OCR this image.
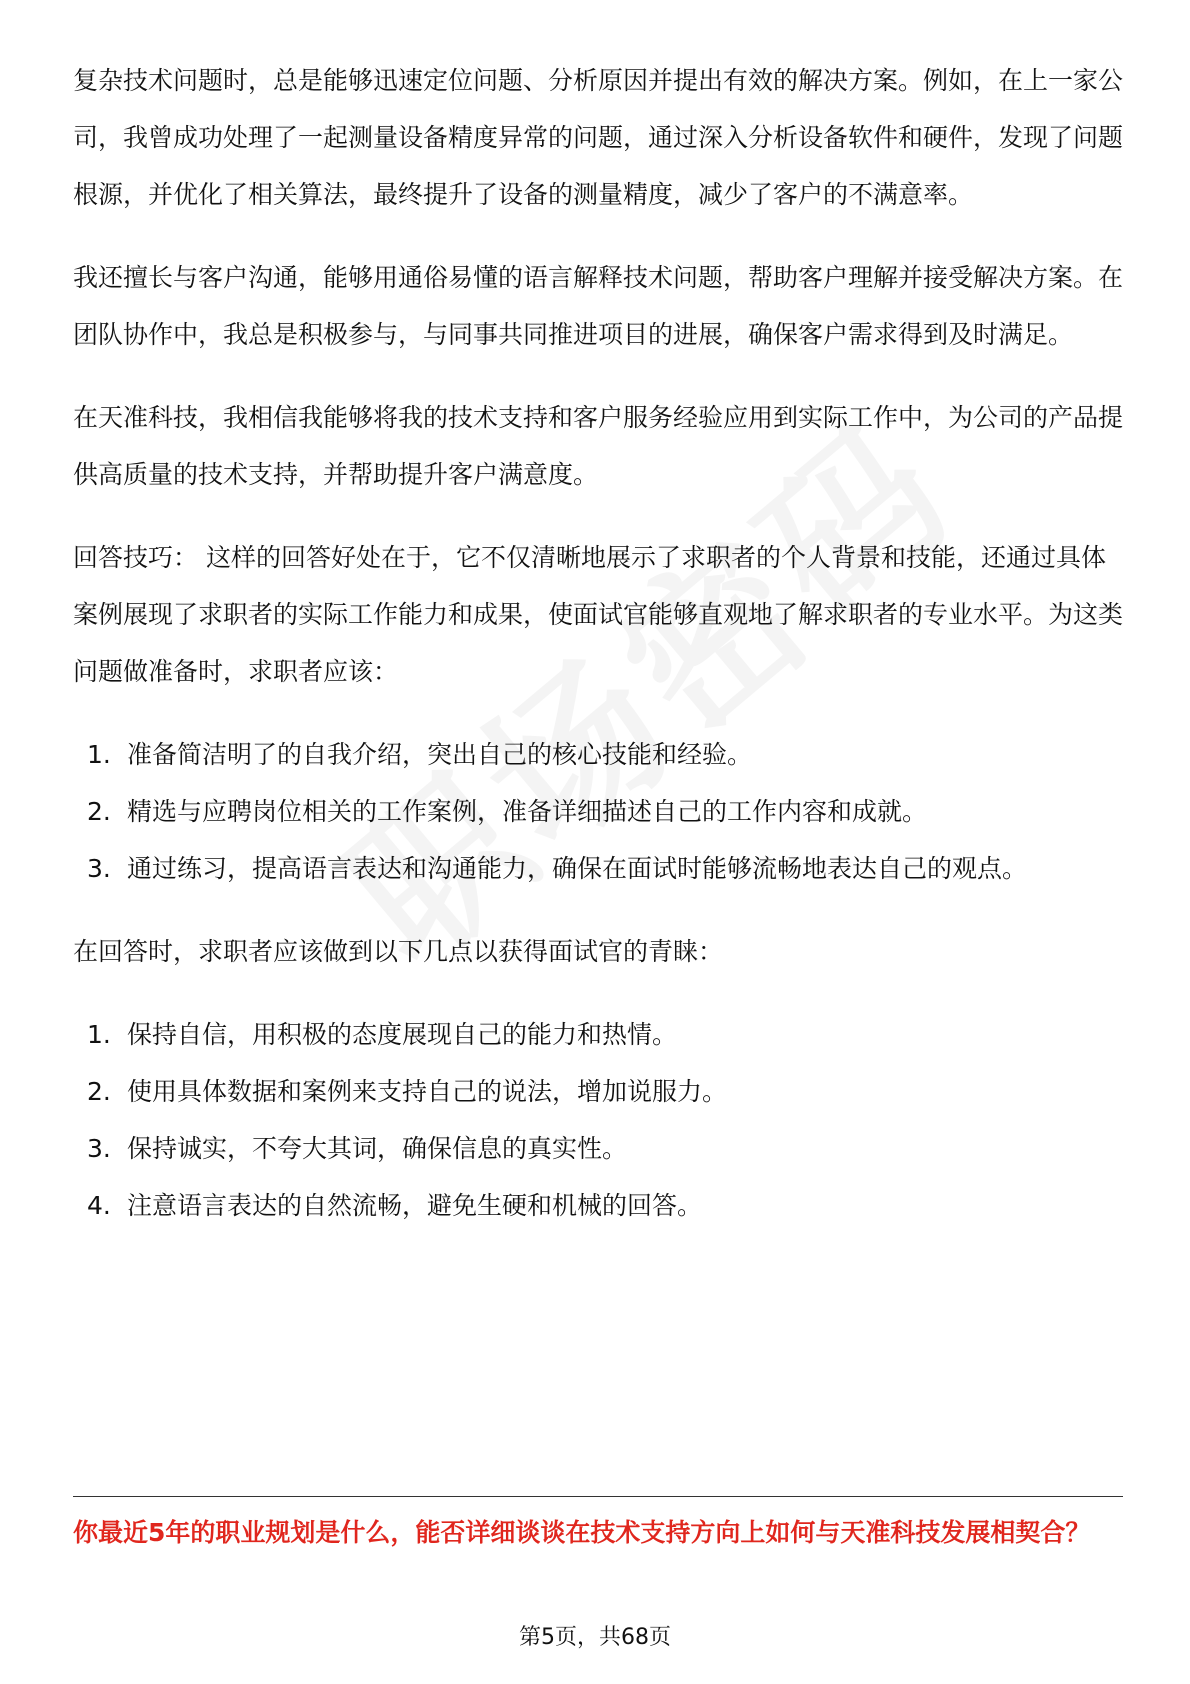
复杂技术问题时，总是能够迅速定位问题、分析原因并提出有效的解决方案。例如，在上一家公司，我曾成功处理了一起测量设备精度异常的问题，通过深入分析设备软件和硬件，发现了问题根源，并优化了相关算法，最终提升了设备的测量精度，减少了客户的不满意率。

我还擅长与客户沟通，能够用通俗易懂的语言解释技术问题，帮助客户理解并接受解决方案。在团队协作中，我总是积极参与，与同事共同推进项目的进展，确保客户需求得到及时满足。

在天准科技，我相信我能够将我的技术支持和客户服务经验应用到实际工作中，为公司的产品提供高质量的技术支持，并帮助提升客户满意度。

回答技巧： 这样的回答好处在于，它不仅清晰地展示了求职者的个人背景和技能，还通过具体案例展现了求职者的实际工作能力和成果，使面试官能够直观地了解求职者的专业水平。为这类问题做准备时，求职者应该：

1. 准备简洁明了的自我介绍，突出自己的核心技能和经验。
2. 精选与应聘岗位相关的工作案例，准备详细描述自己的工作内容和成就。
3. 通过练习，提高语言表达和沟通能力，确保在面试时能够流畅地表达自己的观点。

在回答时，求职者应该做到以下几点以获得面试官的青睐：

1. 保持自信，用积极的态度展现自己的能力和热情。
2. 使用具体数据和案例来支持自己的说法，增加说服力。
3. 保持诚实，不夸大其词，确保信息的真实性。
4. 注意语言表达的自然流畅，避免生硬和机械的回答。
你最近5年的职业规划是什么，能否详细谈谈在技术支持方向上如何与天准科技发展相契合？
第5页，共68页
